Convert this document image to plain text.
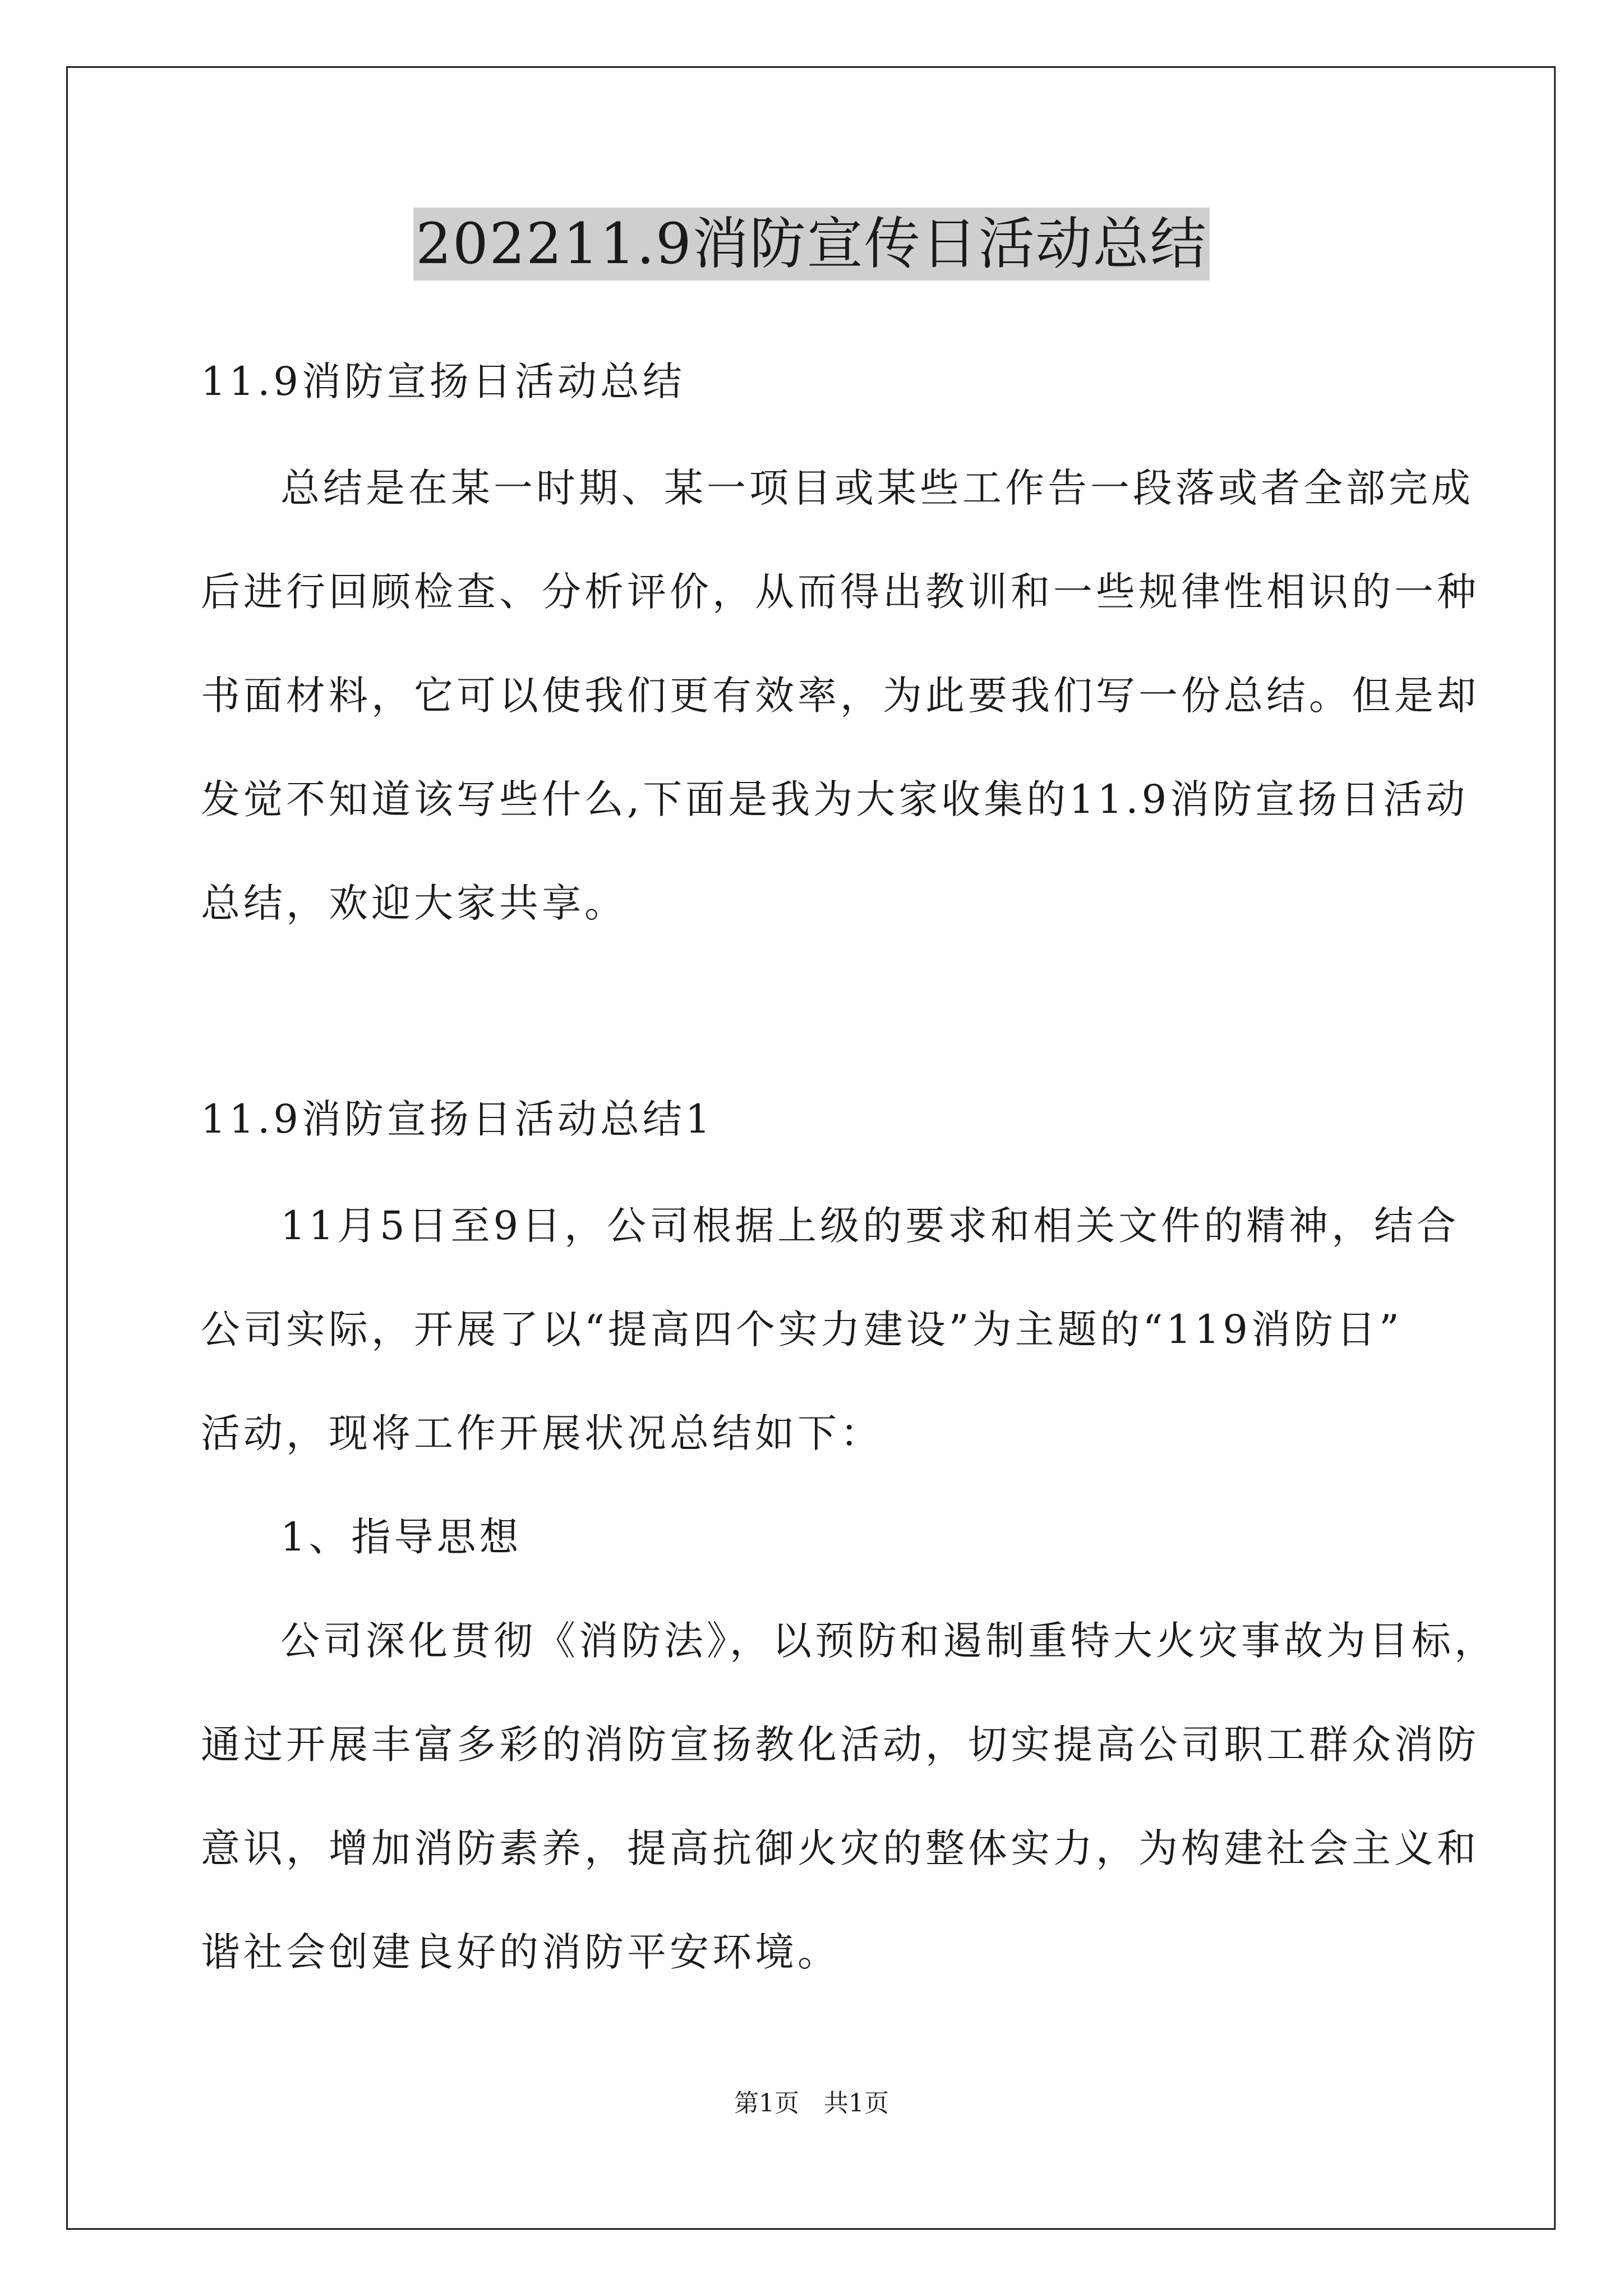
202211.9消防宣传日活动总结
11.9消防宣扬日活动总结
总结是在某一时期、某一项目或某些工作告一段落或者全部完成
后进行回顾检查、分析评价，从而得出教训和一些规律性相识的一种
书面材料，它可以使我们更有效率，为此要我们写一份总结。但是却
发觉不知道该写些什么,下面是我为大家收集的11.9消防宣扬日活动
总结，欢迎大家共享。
11.9消防宣扬日活动总结1
11月5日至9日，公司根据上级的要求和相关文件的精神，结合
公司实际，开展了以“提高四个实力建设”为主题的“119消防日”
活动，现将工作开展状况总结如下：
1、指导思想
公司深化贯彻《消防法》，以预防和遏制重特大火灾事故为目标，
通过开展丰富多彩的消防宣扬教化活动，切实提高公司职工群众消防
意识，增加消防素养，提高抗御火灾的整体实力，为构建社会主义和
谐社会创建良好的消防平安环境。
第1页　共1页
